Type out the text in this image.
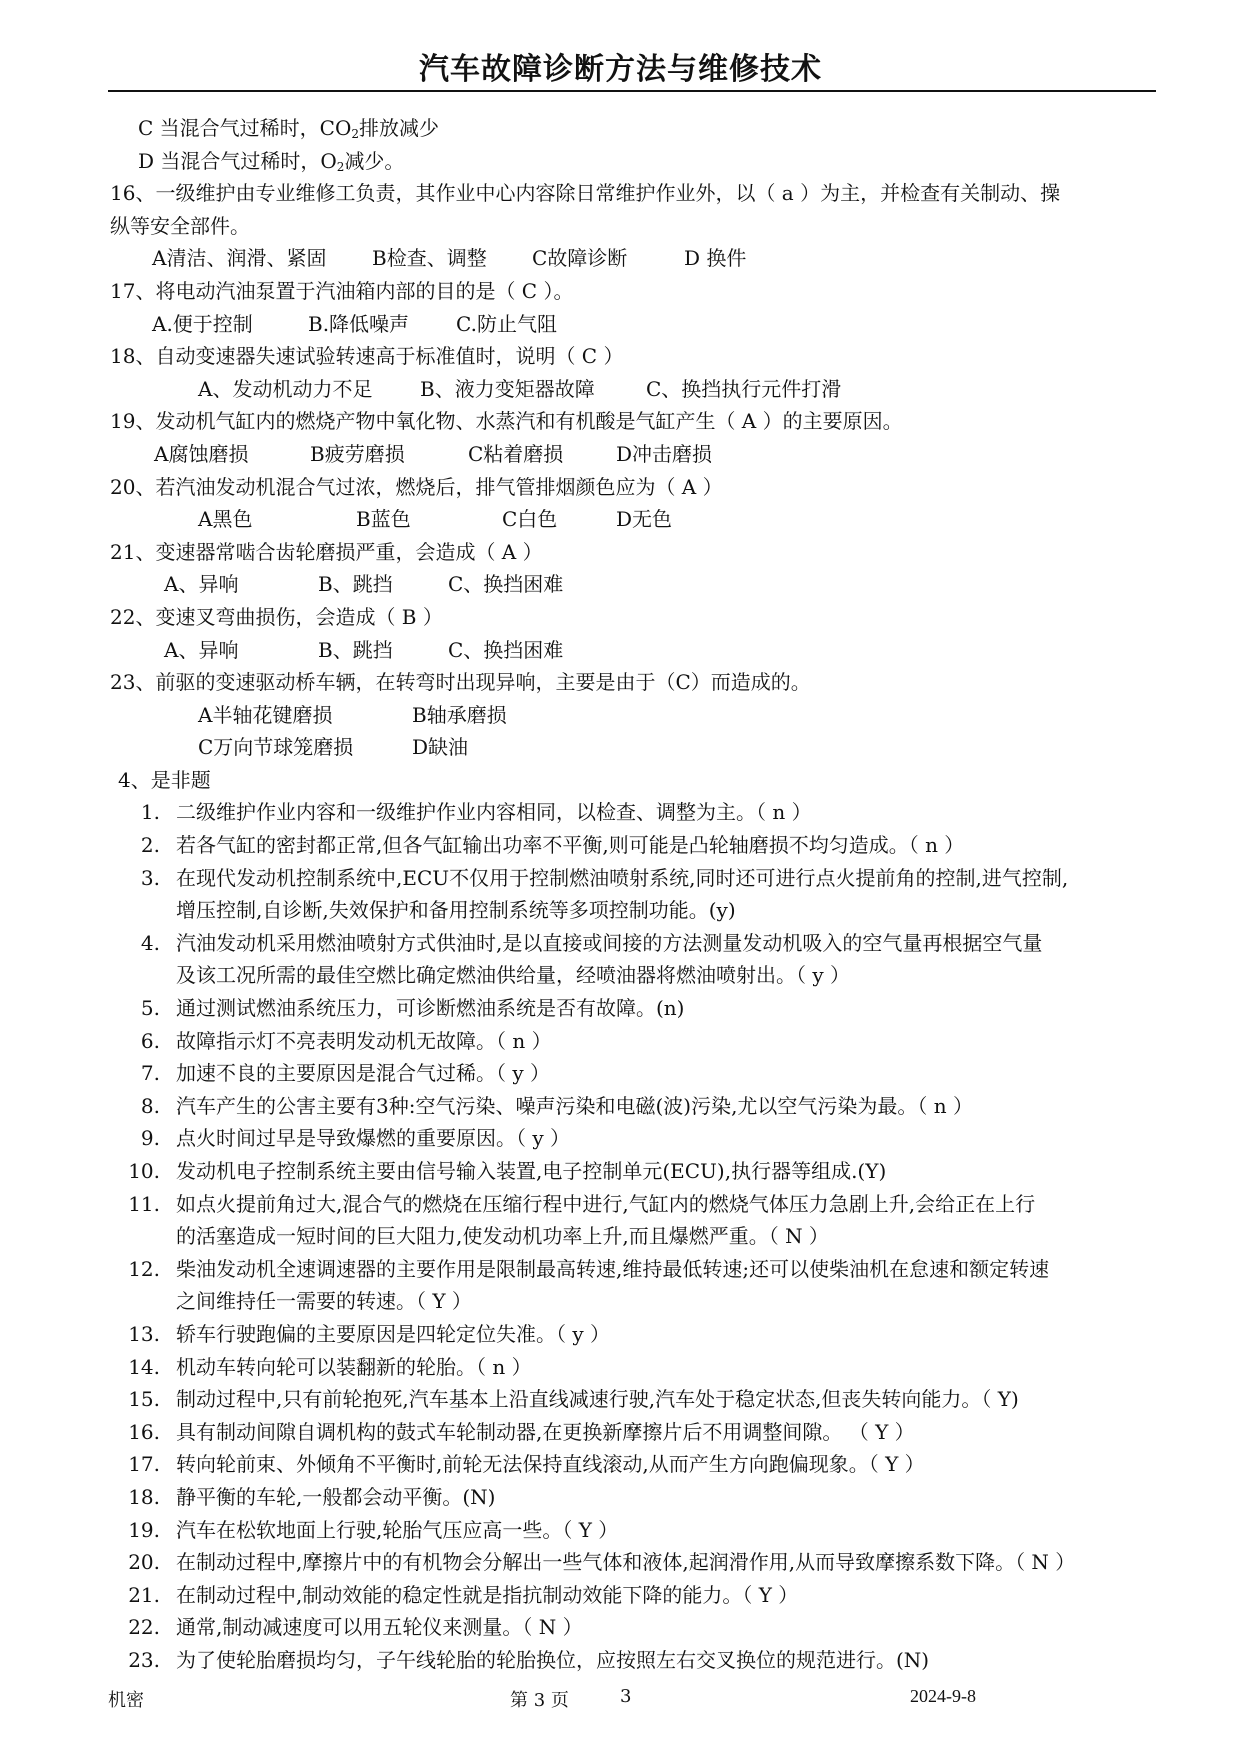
汽车故障诊断方法与维修技术
C 当混合气过稀时，$CO_2$排放减少
D 当混合气过稀时，$O_2$减少。
16、一级维护由专业维修工负责，其作业中心内容除日常维护作业外，以（ a ）为主，并检查有关制动、操
纵等安全部件。
A清洁、润滑、紧固 B检查、调整 C故障诊断	D 换件
17、将电动汽油泵置于汽油箱内部的目的是（ C ）。
A.便于控制	B.降低噪声 C.防止气阻
18、自动变速器失速试验转速高于标准值时，说明（ C ）
A、发动机动力不足 B、液力变矩器故障	C、换挡执行元件打滑
19、发动机气缸内的燃烧产物中氧化物、水蒸汽和有机酸是气缸产生（ A ）的主要原因。
A腐蚀磨损	B疲劳磨损	C粘着磨损	D冲击磨损
20、若汽油发动机混合气过浓，燃烧后，排气管排烟颜色应为（ A ）
A黑色	B蓝色	C白色	D无色
21、变速器常啮合齿轮磨损严重，会造成（ A ）
A、异响	B、跳挡	C、换挡困难
22、变速叉弯曲损伤，会造成（ B ）
A、异响	B、跳挡	C、换挡困难
23、前驱的变速驱动桥车辆，在转弯时出现异响，主要是由于（C）而造成的。
A半轴花键磨损	B轴承磨损
C万向节球笼磨损	D缺油
4、是非题
1. 二级维护作业内容和一级维护作业内容相同，以检查、调整为主。（ n ）
2. 若各气缸的密封都正常,但各气缸输出功率不平衡,则可能是凸轮轴磨损不均匀造成。（ n ）
3. 在现代发动机控制系统中,ECU不仅用于控制燃油喷射系统,同时还可进行点火提前角的控制,进气控制,
增压控制,自诊断,失效保护和备用控制系统等多项控制功能。(y)
4. 汽油发动机采用燃油喷射方式供油时,是以直接或间接的方法测量发动机吸入的空气量再根据空气量
及该工况所需的最佳空燃比确定燃油供给量，经喷油器将燃油喷射出。（ y ）
5. 通过测试燃油系统压力，可诊断燃油系统是否有故障。(n)
6. 故障指示灯不亮表明发动机无故障。（ n ）
7. 加速不良的主要原因是混合气过稀。（ y ）
8. 汽车产生的公害主要有3种:空气污染、噪声污染和电磁(波)污染,尤以空气污染为最。（ n ）
9. 点火时间过早是导致爆燃的重要原因。（ y ）
10. 发动机电子控制系统主要由信号输入装置,电子控制单元(ECU),执行器等组成.(Y)
11. 如点火提前角过大,混合气的燃烧在压缩行程中进行,气缸内的燃烧气体压力急剧上升,会给正在上行
的活塞造成一短时间的巨大阻力,使发动机功率上升,而且爆燃严重。（ N ）
12. 柴油发动机全速调速器的主要作用是限制最高转速,维持最低转速;还可以使柴油机在怠速和额定转速
之间维持任一需要的转速。（ Y ）
13. 轿车行驶跑偏的主要原因是四轮定位失准。（ y ）
14. 机动车转向轮可以装翻新的轮胎。（ n ）
15. 制动过程中,只有前轮抱死,汽车基本上沿直线减速行驶,汽车处于稳定状态,但丧失转向能力。（ Y)
16. 具有制动间隙自调机构的鼓式车轮制动器,在更换新摩擦片后不用调整间隙。 （ Y ）
17. 转向轮前束、外倾角不平衡时,前轮无法保持直线滚动,从而产生方向跑偏现象。（ Y ）
18. 静平衡的车轮,一般都会动平衡。(N)
19. 汽车在松软地面上行驶,轮胎气压应高一些。（ Y ）
20. 在制动过程中,摩擦片中的有机物会分解出一些气体和液体,起润滑作用,从而导致摩擦系数下降。（ N ）
21. 在制动过程中,制动效能的稳定性就是指抗制动效能下降的能力。（ Y ）
22. 通常,制动减速度可以用五轮仪来测量。（ N ）
23. 为了使轮胎磨损均匀，子午线轮胎的轮胎换位，应按照左右交叉换位的规范进行。(N)
机密	第 3 页	3	2024-9-8
